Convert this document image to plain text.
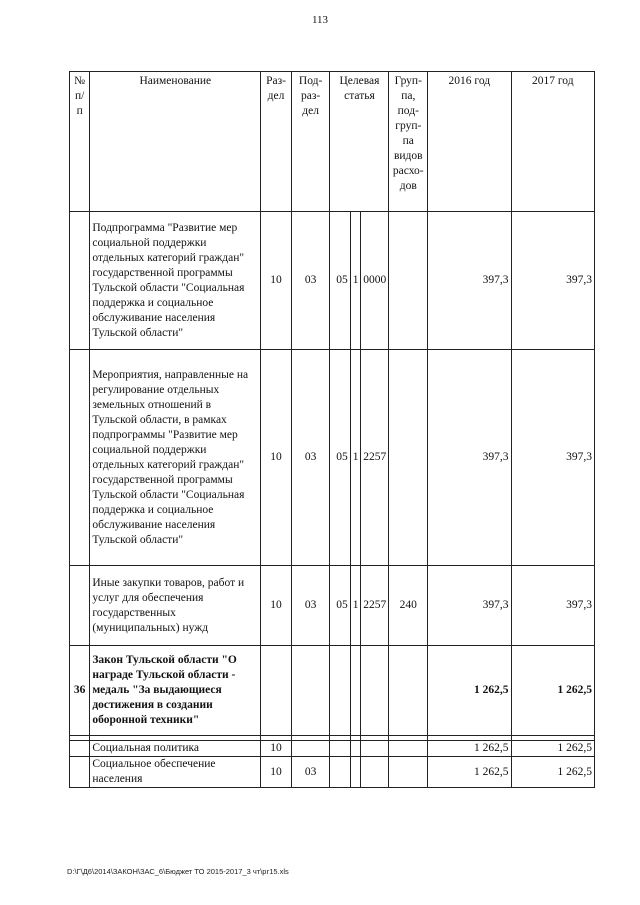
113
№ п/п	Наименование	Раз-дел	Под-раз-дел	Целевая статья			Груп-па, под-груп-па видов расхо-дов	2016 год	2017 год
	Подпрограмма "Развитие мер социальной поддержки отдельных категорий граждан" государственной программы Тульской области "Социальная поддержка и социальное обслуживание населения Тульской области"	10	03	05	1	0000		397,3	397,3
	Мероприятия, направленные на регулирование отдельных земельных отношений в Тульской области, в рамках подпрограммы "Развитие мер социальной поддержки отдельных категорий граждан" государственной программы Тульской области "Социальная поддержка и социальное обслуживание населения Тульской области"	10	03	05	1	2257		397,3	397,3
	Иные закупки товаров, работ и услуг для обеспечения государственных (муниципальных) нужд	10	03	05	1	2257	240	397,3	397,3
36	Закон Тульской области "О награде Тульской области - медаль "За выдающиеся достижения в создании оборонной техники"							1 262,5	1 262,5

	Социальная политика	10						1 262,5	1 262,5
	Социальное обеспечение населения	10	03					1 262,5	1 262,5
D:\Г\Д6\2014\ЗАКОН\ЗАС_6\Бюджет ТО 2015-2017_3 чт\рг15.xls
